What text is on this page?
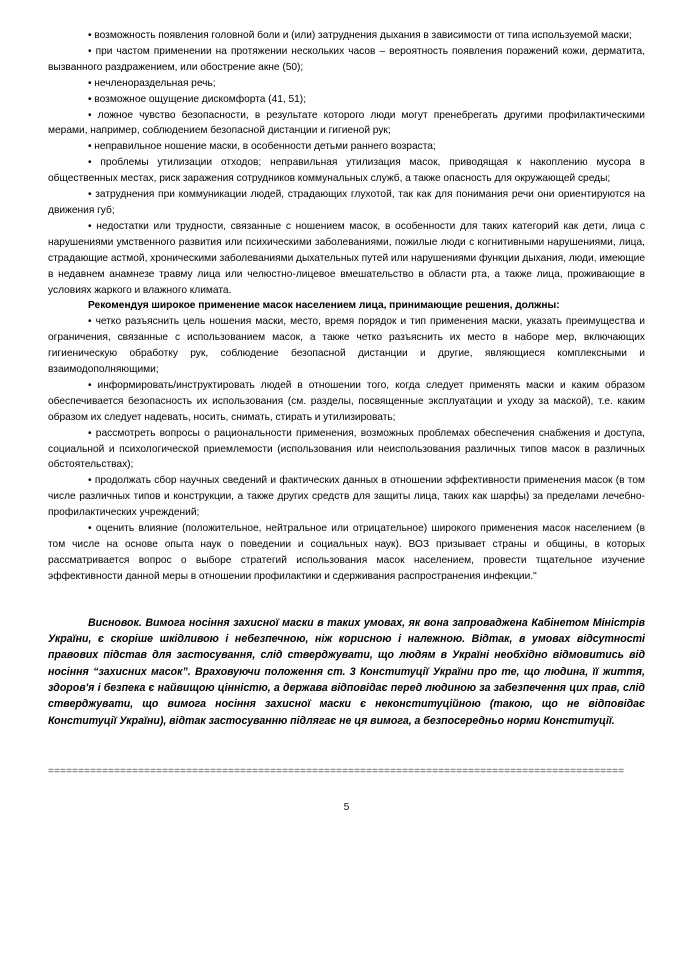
• возможность появления головной боли и (или) затруднения дыхания в зависимости от типа используемой маски;

• при частом применении на протяжении нескольких часов – вероятность появления поражений кожи, дерматита, вызванного раздражением, или обострение акне (50);

• нечленораздельная речь;

• возможное ощущение дискомфорта (41, 51);

• ложное чувство безопасности, в результате которого люди могут пренебрегать другими профилактическими мерами, например, соблюдением безопасной дистанции и гигиеной рук;

• неправильное ношение маски, в особенности детьми раннего возраста;

• проблемы утилизации отходов; неправильная утилизация масок, приводящая к накоплению мусора в общественных местах, риск заражения сотрудников коммунальных служб, а также опасность для окружающей среды;

• затруднения при коммуникации людей, страдающих глухотой, так как для понимания речи они ориентируются на движения губ;

• недостатки или трудности, связанные с ношением масок, в особенности для таких категорий как дети, лица с нарушениями умственного развития или психическими заболеваниями, пожилые люди с когнитивными нарушениями, лица, страдающие астмой, хроническими заболеваниями дыхательных путей или нарушениями функции дыхания, люди, имеющие в недавнем анамнезе травму лица или челюстно-лицевое вмешательство в области рта, а также лица, проживающие в условиях жаркого и влажного климата.

Рекомендуя широкое применение масок населением лица, принимающие решения, должны:

• четко разъяснить цель ношения маски, место, время порядок и тип применения маски, указать преимущества и ограничения, связанные с использованием масок, а также четко разъяснить их место в наборе мер, включающих гигиеническую обработку рук, соблюдение безопасной дистанции и другие, являющиеся комплексными и взаимодополняющими;

• информировать/инструктировать людей в отношении того, когда следует применять маски и каким образом обеспечивается безопасность их использования (см. разделы, посвященные эксплуатации и уходу за маской), т.е. каким образом их следует надевать, носить, снимать, стирать и утилизировать;

• рассмотреть вопросы о рациональности применения, возможных проблемах обеспечения снабжения и доступа, социальной и психологической приемлемости (использования или неиспользования различных типов масок в различных обстоятельствах);

• продолжать сбор научных сведений и фактических данных в отношении эффективности применения масок (в том числе различных типов и конструкции, а также других средств для защиты лица, таких как шарфы) за пределами лечебно-профилактических учреждений;

• оценить влияние (положительное, нейтральное или отрицательное) широкого применения масок населением (в том числе на основе опыта наук о поведении и социальных наук). ВОЗ призывает страны и общины, в которых рассматривается вопрос о выборе стратегий использования масок населением, провести тщательное изучение эффективности данной меры в отношении профилактики и сдерживания распространения инфекции."

Висновок. Вимога носіння захисної маски в таких умовах, як вона запроваджена Кабінетом Міністрів України, є скоріше шкідливою і небезпечною, ніж корисною і належною. Відтак, в умовах відсутності правових підстав для застосування, слід стверджувати, що людям в Україні необхідно відмовитись від носіння “захисних масок”. Враховуючи положення ст. 3 Конституції України про те, що людина, її життя, здоров'я і безпека є найвищою цінністю, а держава відповідає перед людиною за забезпечення цих прав, слід стверджувати, що вимога носіння захисної маски є неконституційною (такою, що не відповідає Конституції України), відтак застосуванню підлягає не ця вимога, а безпосередньо норми Конституції.

================================================================================================
5
